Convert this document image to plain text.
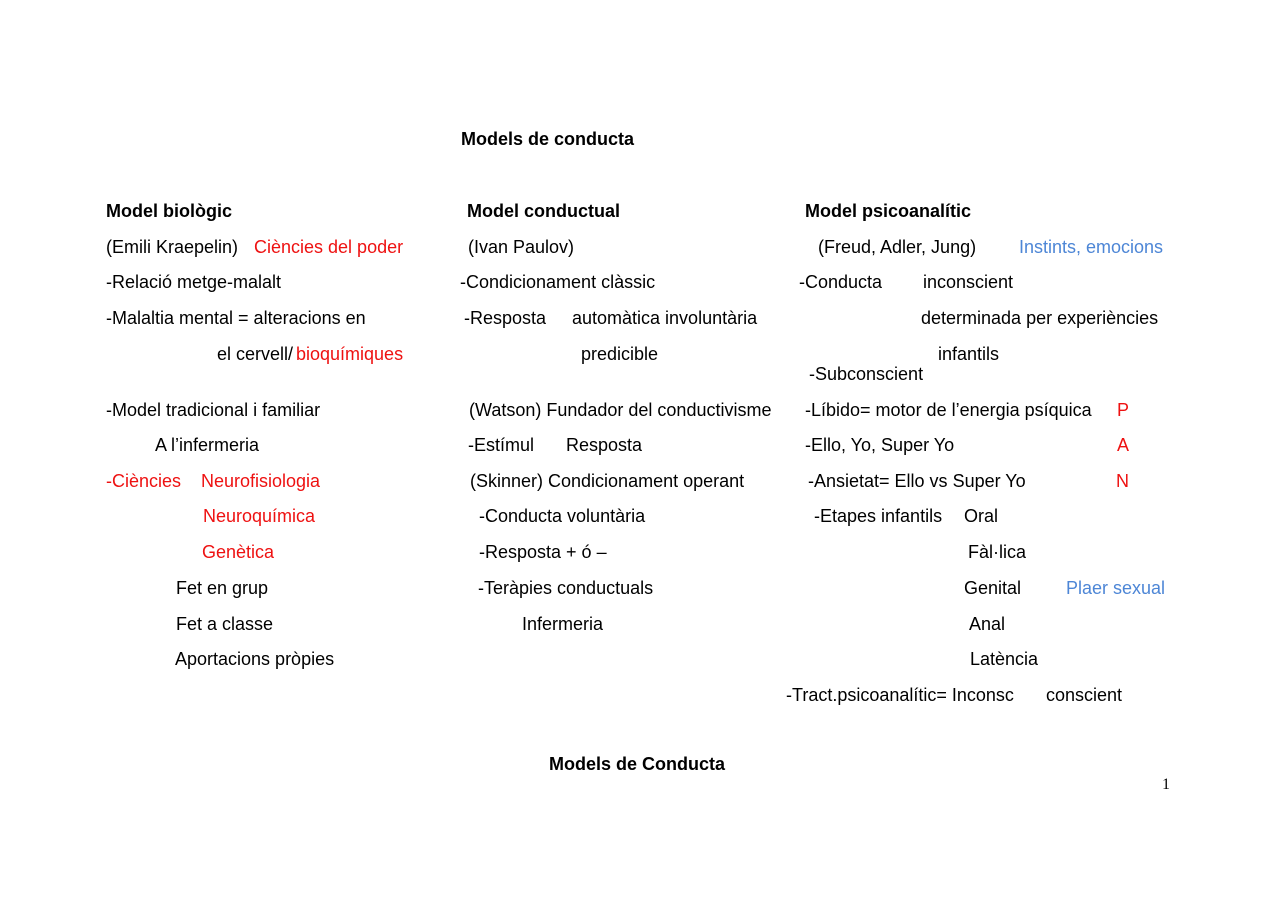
Models de conducta
Model biològic
(Emili Kraepelin) Ciències del poder
-Relació metge-malalt
-Malaltia mental = alteracions en
el cervell/ bioquímiques
-Model tradicional i familiar
A l’infermeria
-Ciències Neurofisiologia
Neuroquímica
Genètica
Fet en grup
Fet a classe
Aportacions pròpies
Model conductual
(Ivan Paulov)
-Condicionament clàssic
-Resposta automàtica involuntària
predicible
(Watson) Fundador del conductivisme
-Estímul Resposta
(Skinner) Condicionament operant
-Conducta voluntària
-Resposta + ó –
-Teràpies conductuals
Infermeria
Model psicoanalític
(Freud, Adler, Jung) Instints, emocions
-Conducta inconscient
determinada per experiències
infantils
-Subconscient
-Líbido= motor de l’energia psíquica
-Ello, Yo, Super Yo
-Ansietat= Ello vs Super Yo
P
A
N
-Etapes infantils Oral
Fàl·lica
Genital Plaer sexual
Anal
Latència
-Tract.psicoanalític= Inconsc conscient
Models de Conducta
1
